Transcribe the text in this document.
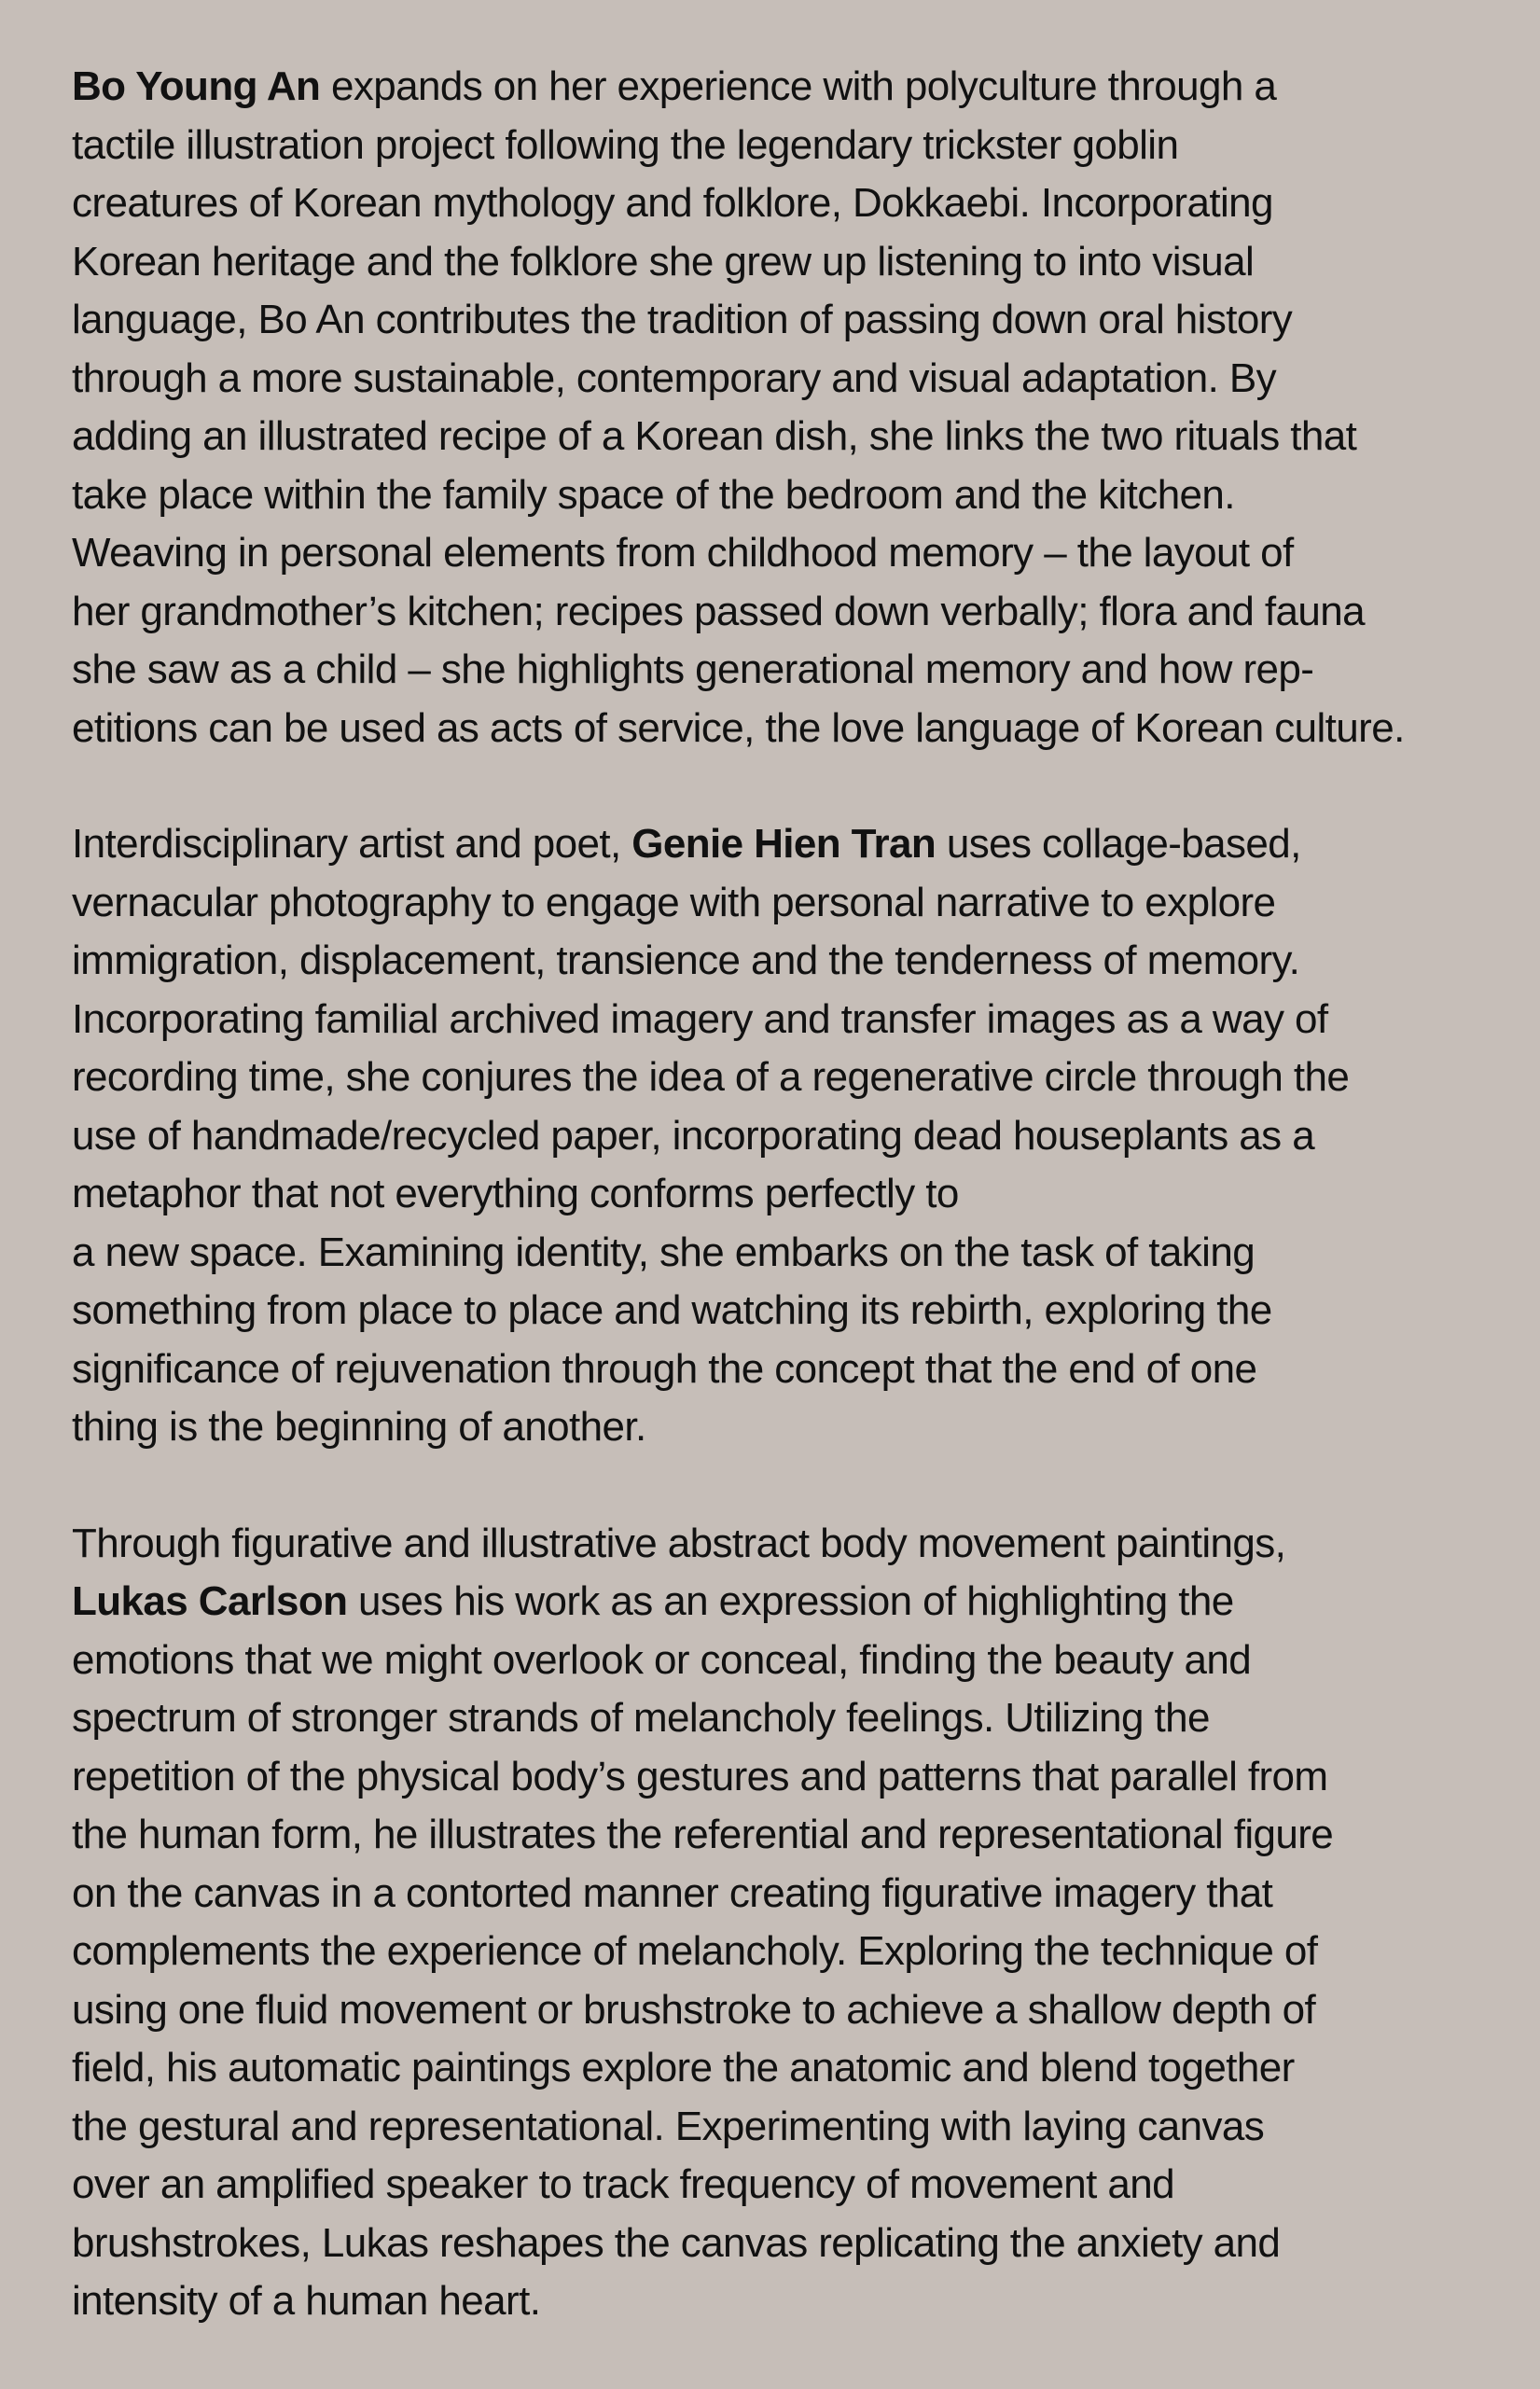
Bo Young An expands on her experience with polyculture through a
tactile illustration project following the legendary trickster goblin
creatures of Korean mythology and folklore, Dokkaebi. Incorporating
Korean heritage and the folklore she grew up listening to into visual
language, Bo An contributes the tradition of passing down oral history
through a more sustainable, contemporary and visual adaptation. By
adding an illustrated recipe of a Korean dish, she links the two rituals that
take place within the family space of the bedroom and the kitchen.
Weaving in personal elements from childhood memory – the layout of
her grandmother’s kitchen; recipes passed down verbally; flora and fauna
she saw as a child – she highlights generational memory and how rep-
etitions can be used as acts of service, the love language of Korean culture.
Interdisciplinary artist and poet, Genie Hien Tran uses collage-based,
vernacular photography to engage with personal narrative to explore
immigration, displacement, transience and the tenderness of memory.
Incorporating familial archived imagery and transfer images as a way of
recording time, she conjures the idea of a regenerative circle through the
use of handmade/recycled paper, incorporating dead houseplants as a
metaphor that not everything conforms perfectly to
a new space. Examining identity, she embarks on the task of taking
something from place to place and watching its rebirth, exploring the
significance of rejuvenation through the concept that the end of one
thing is the beginning of another.
Through figurative and illustrative abstract body movement paintings,
Lukas Carlson uses his work as an expression of highlighting the
emotions that we might overlook or conceal, finding the beauty and
spectrum of stronger strands of melancholy feelings. Utilizing the
repetition of the physical body’s gestures and patterns that parallel from
the human form, he illustrates the referential and representational figure
on the canvas in a contorted manner creating figurative imagery that
complements the experience of melancholy. Exploring the technique of
using one fluid movement or brushstroke to achieve a shallow depth of
field, his automatic paintings explore the anatomic and blend together
the gestural and representational. Experimenting with laying canvas
over an amplified speaker to track frequency of movement and
brushstrokes, Lukas reshapes the canvas replicating the anxiety and
intensity of a human heart.
